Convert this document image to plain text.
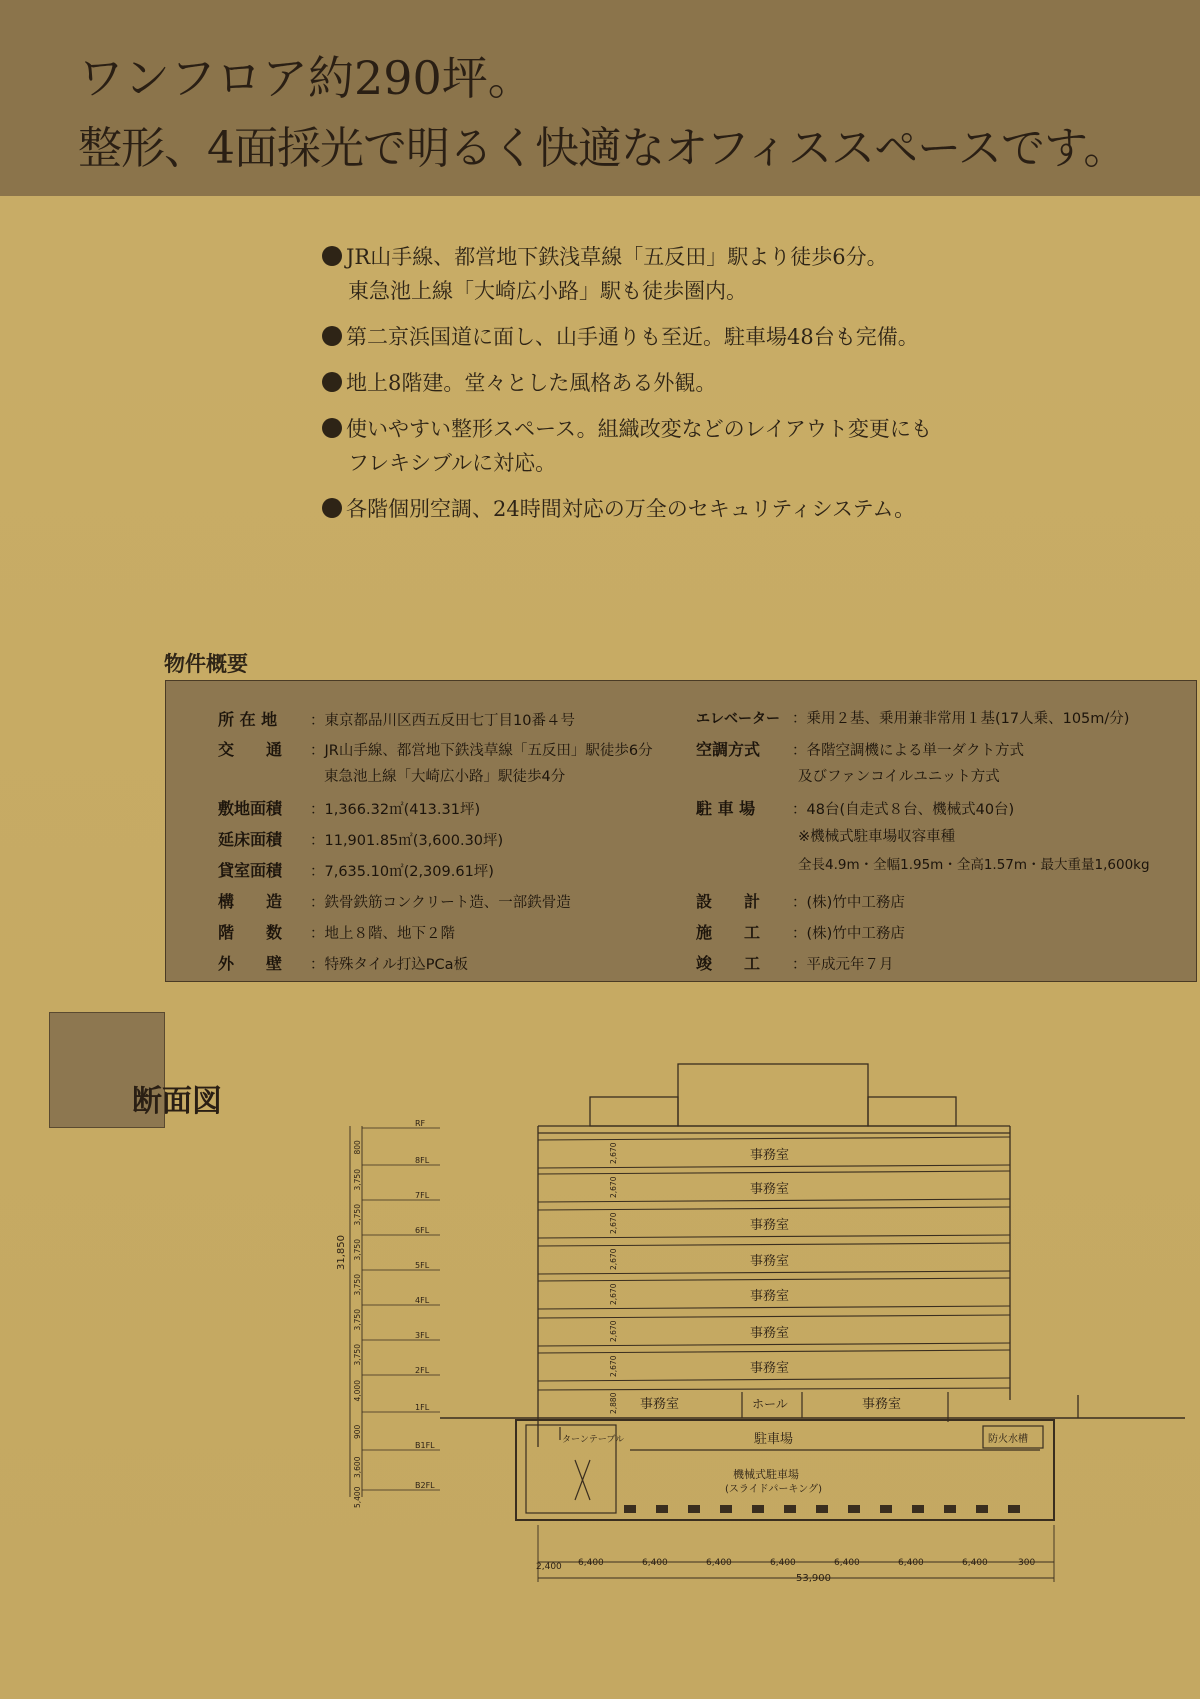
ワンフロア約290坪。
整形、4面採光で明るく快適なオフィススペースです。
JR山手線、都営地下鉄浅草線「五反田」駅より徒歩6分。
東急池上線「大崎広小路」駅も徒歩圏内。
第二京浜国道に面し、山手通りも至近。駐車場48台も完備。
地上8階建。堂々とした風格ある外観。
使いやすい整形スペース。組織改変などのレイアウト変更にも
フレキシブルに対応。
各階個別空調、24時間対応の万全のセキュリティシステム。
物件概要
所 在 地 ：東京都品川区西五反田七丁目10番４号
交　　通 ：JR山手線、都営地下鉄浅草線「五反田」駅徒歩6分
東急池上線「大崎広小路」駅徒歩4分
敷地面積 ：1,366.32㎡(413.31坪)
延床面積 ：11,901.85㎡(3,600.30坪)
貸室面積 ：7,635.10㎡(2,309.61坪)
構　　造 ：鉄骨鉄筋コンクリート造、一部鉄骨造
階　　数 ：地上８階、地下２階
外　　壁 ：特殊タイル打込PCa板
エレベーター ：乗用２基、乗用兼非常用１基(17人乗、105m/分)
空調方式 ：各階空調機による単一ダクト方式
及びファンコイルユニット方式
駐 車 場	：48台(自走式８台、機械式40台)
※機械式駐車場収容車種
全長4.9m・全幅1.95m・全高1.57m・最大重量1,600kg
設　　計 ：(株)竹中工務店
施　　工 ：(株)竹中工務店
竣　　工 ：平成元年７月
断面図
事務室
2,670
事務室
2,670
事務室
2,670
事務室
2,670
事務室
2,670
事務室
2,670
事務室
2,670
事務室	ホール	事務室
2,880
駐車場
ターンテーブル	防火水槽
機械式駐車場
(スライドパーキング)
RF
8FL
7FL
6FL
5FL
4FL
3FL
2FL
1FL
B1FL
B2FL
800
3,750
3,750
3,750
3,750
3,750
3,750
4,000
900
3,600
5,400
2,400 6,400	6,400	6,400	6,400	6,400	6,400	6,400	300
53,900
31,850
